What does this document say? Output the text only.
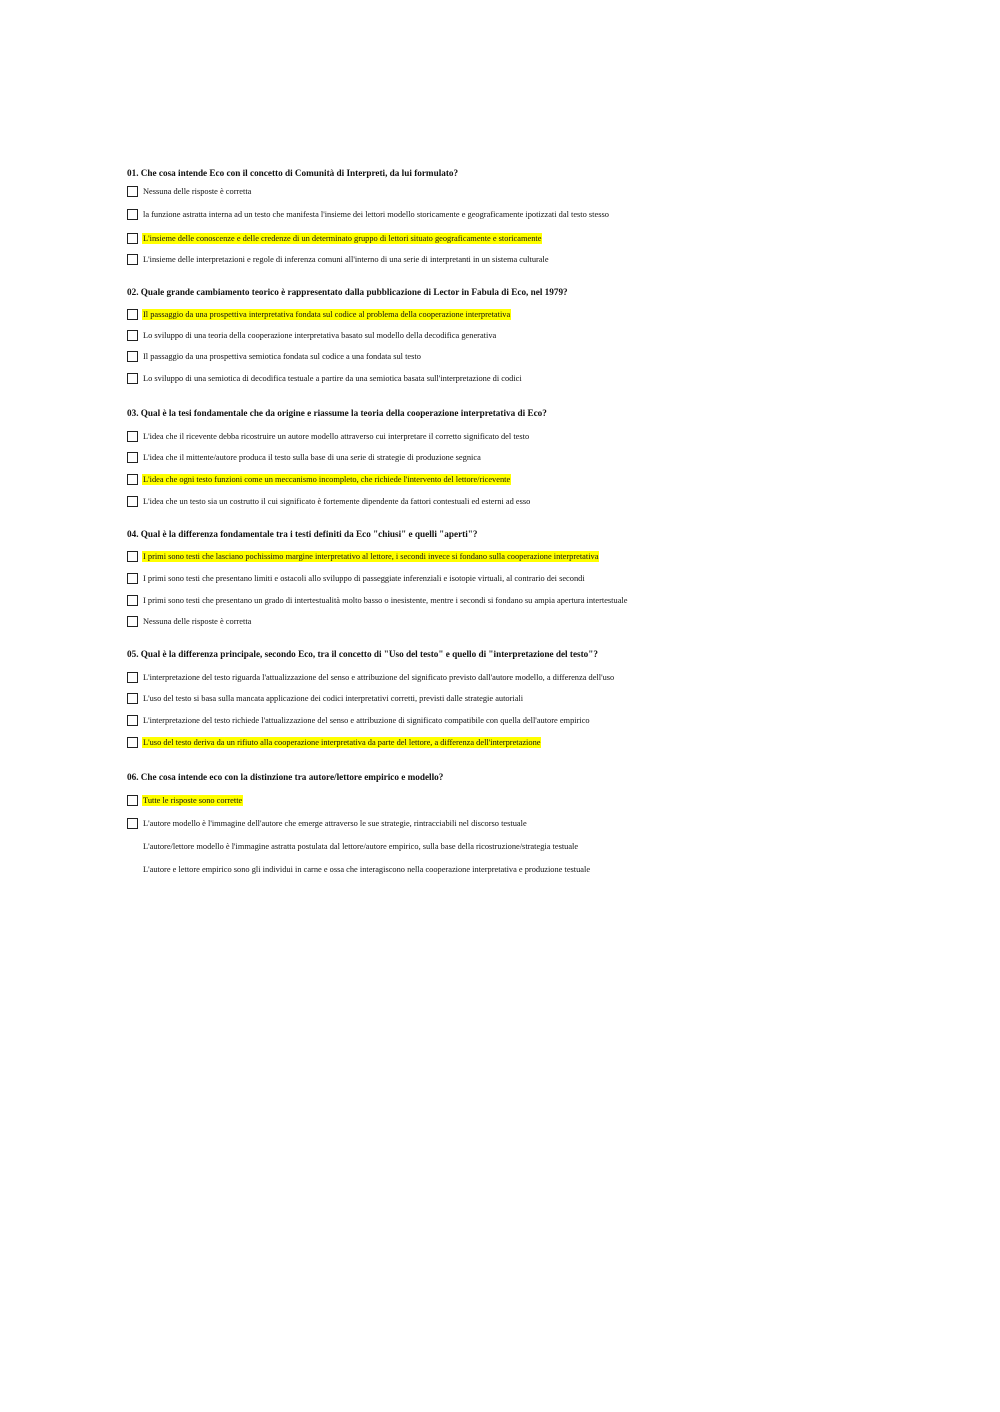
01. Che cosa intende Eco con il concetto di Comunità di Interpreti, da lui formulato?
Nessuna delle risposte è corretta
la funzione astratta interna ad un testo che manifesta l'insieme dei lettori modello storicamente e geograficamente ipotizzati dal testo stesso
L'insieme delle conoscenze e delle credenze di un determinato gruppo di lettori situato geograficamente e storicamente
L'insieme delle interpretazioni e regole di inferenza comuni all'interno di una serie di interpretanti in un sistema culturale
02. Quale grande cambiamento teorico è rappresentato dalla pubblicazione di Lector in Fabula di Eco, nel 1979?
Il passaggio da una prospettiva interpretativa fondata sul codice al problema della cooperazione interpretativa
Lo sviluppo di una teoria della cooperazione interpretativa basato sul modello della decodifica generativa
Il passaggio da una prospettiva semiotica fondata sul codice a una fondata sul testo
Lo sviluppo di una semiotica di decodifica testuale a partire da una semiotica basata sull'interpretazione di codici
03. Qual è la tesi fondamentale che da origine e riassume la teoria della cooperazione interpretativa di Eco?
L'idea che il ricevente debba ricostruire un autore modello attraverso cui interpretare il corretto significato del testo
L'idea che il mittente/autore produca il testo sulla base di una serie di strategie di produzione segnica
L'idea che ogni testo funzioni come un meccanismo incompleto, che richiede l'intervento del lettore/ricevente
L'idea che un testo sia un costrutto il cui significato è fortemente dipendente da fattori contestuali ed esterni ad esso
04. Qual è la differenza fondamentale tra i testi definiti da Eco "chiusi" e quelli "aperti"?
I primi sono testi che lasciano pochissimo margine interpretativo al lettore, i secondi invece si fondano sulla cooperazione interpretativa
I primi sono testi che presentano limiti e ostacoli allo sviluppo di passeggiate inferenziali e isotopie virtuali, al contrario dei secondi
I primi sono testi che presentano un grado di intertestualità molto basso o inesistente, mentre i secondi si fondano su ampia apertura intertestuale
Nessuna delle risposte è corretta
05. Qual è la differenza principale, secondo Eco, tra il concetto di "Uso del testo" e quello di "interpretazione del testo"?
L'interpretazione del testo riguarda l'attualizzazione del senso e attribuzione del significato previsto dall'autore modello, a differenza dell'uso
L'uso del testo si basa sulla mancata applicazione dei codici interpretativi corretti, previsti dalle strategie autoriali
L'interpretazione del testo richiede l'attualizzazione del senso e attribuzione di significato compatibile con quella dell'autore empirico
L'uso del testo deriva da un rifiuto alla cooperazione interpretativa da parte del lettore, a differenza dell'interpretazione
06. Che cosa intende eco con la distinzione tra autore/lettore empirico e modello?
Tutte le risposte sono corrette
L'autore modello è l'immagine dell'autore che emerge attraverso le sue strategie, rintracciabili nel discorso testuale
L'autore/lettore modello è l'immagine astratta postulata dal lettore/autore empirico, sulla base della ricostruzione/strategia testuale
L'autore e lettore empirico sono gli individui in carne e ossa che interagiscono nella cooperazione interpretativa e produzione testuale
